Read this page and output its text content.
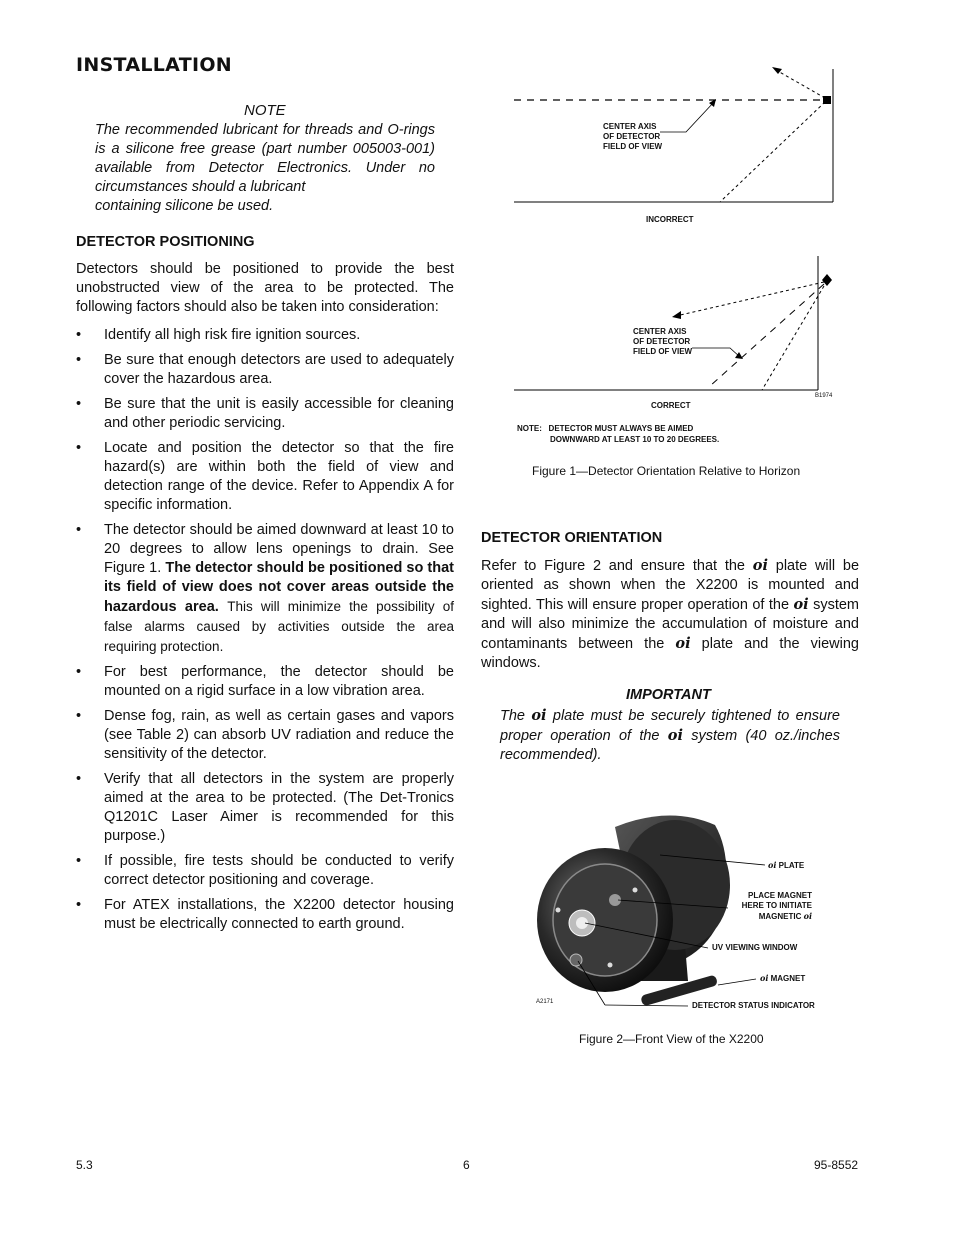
INSTALLATION
NOTE
The recommended lubricant for threads and O-rings is a silicone free grease (part number 005003-001) available from Detector Electronics. Under no circumstances should a lubricant
containing silicone be used.
DETECTOR POSITIONING
Detectors should be positioned to provide the best unobstructed view of the area to be protected. The following factors should also be taken into consideration:
• Identify all high risk fire ignition sources.
• Be sure that enough detectors are used to adequately cover the hazardous area.
• Be sure that the unit is easily accessible for cleaning and other periodic servicing.
• Locate and position the detector so that the fire hazard(s) are within both the field of view and detection range of the device. Refer to Appendix A for specific information.
• The detector should be aimed downward at least 10 to 20 degrees to allow lens openings to drain. See Figure 1. The detector should be positioned so that its field of view does not cover areas outside the hazardous area. This will minimize the possibility of false alarms caused by activities outside the area requiring protection.
• For best performance, the detector should be mounted on a rigid surface in a low vibration area.
• Dense fog, rain, as well as certain gases and vapors (see Table 2) can absorb UV radiation and reduce the sensitivity of the detector.
• Verify that all detectors in the system are properly aimed at the area to be protected. (The Det-Tronics Q1201C Laser Aimer is recommended for this purpose.)
• If possible, fire tests should be conducted to verify correct detector positioning and coverage.
• For ATEX installations, the X2200 detector housing must be electrically connected to earth ground.
CENTER AXIS
OF DETECTOR
FIELD OF VIEW
INCORRECT
CENTER AXIS
OF DETECTOR
FIELD OF VIEW
B1974
CORRECT
NOTE:   DETECTOR MUST ALWAYS BE AIMED
DOWNWARD AT LEAST 10 TO 20 DEGREES.
Figure 1—Detector Orientation Relative to Horizon
DETECTOR ORIENTATION
Refer to Figure 2 and ensure that the oi plate will be oriented as shown when the X2200 is mounted and sighted. This will ensure proper operation of the oi system and will also minimize the accumulation of moisture and contaminants between the oi plate and the viewing windows.
IMPORTANT
The oi plate must be securely tightened to ensure proper operation of the oi system (40 oz./inches recommended).
oi PLATE
PLACE MAGNET
HERE TO INITIATE
MAGNETIC oi
UV VIEWING WINDOW
oi MAGNET
DETECTOR STATUS INDICATOR
A2171
Figure 2—Front View of the X2200
5.3	6	95-8552
